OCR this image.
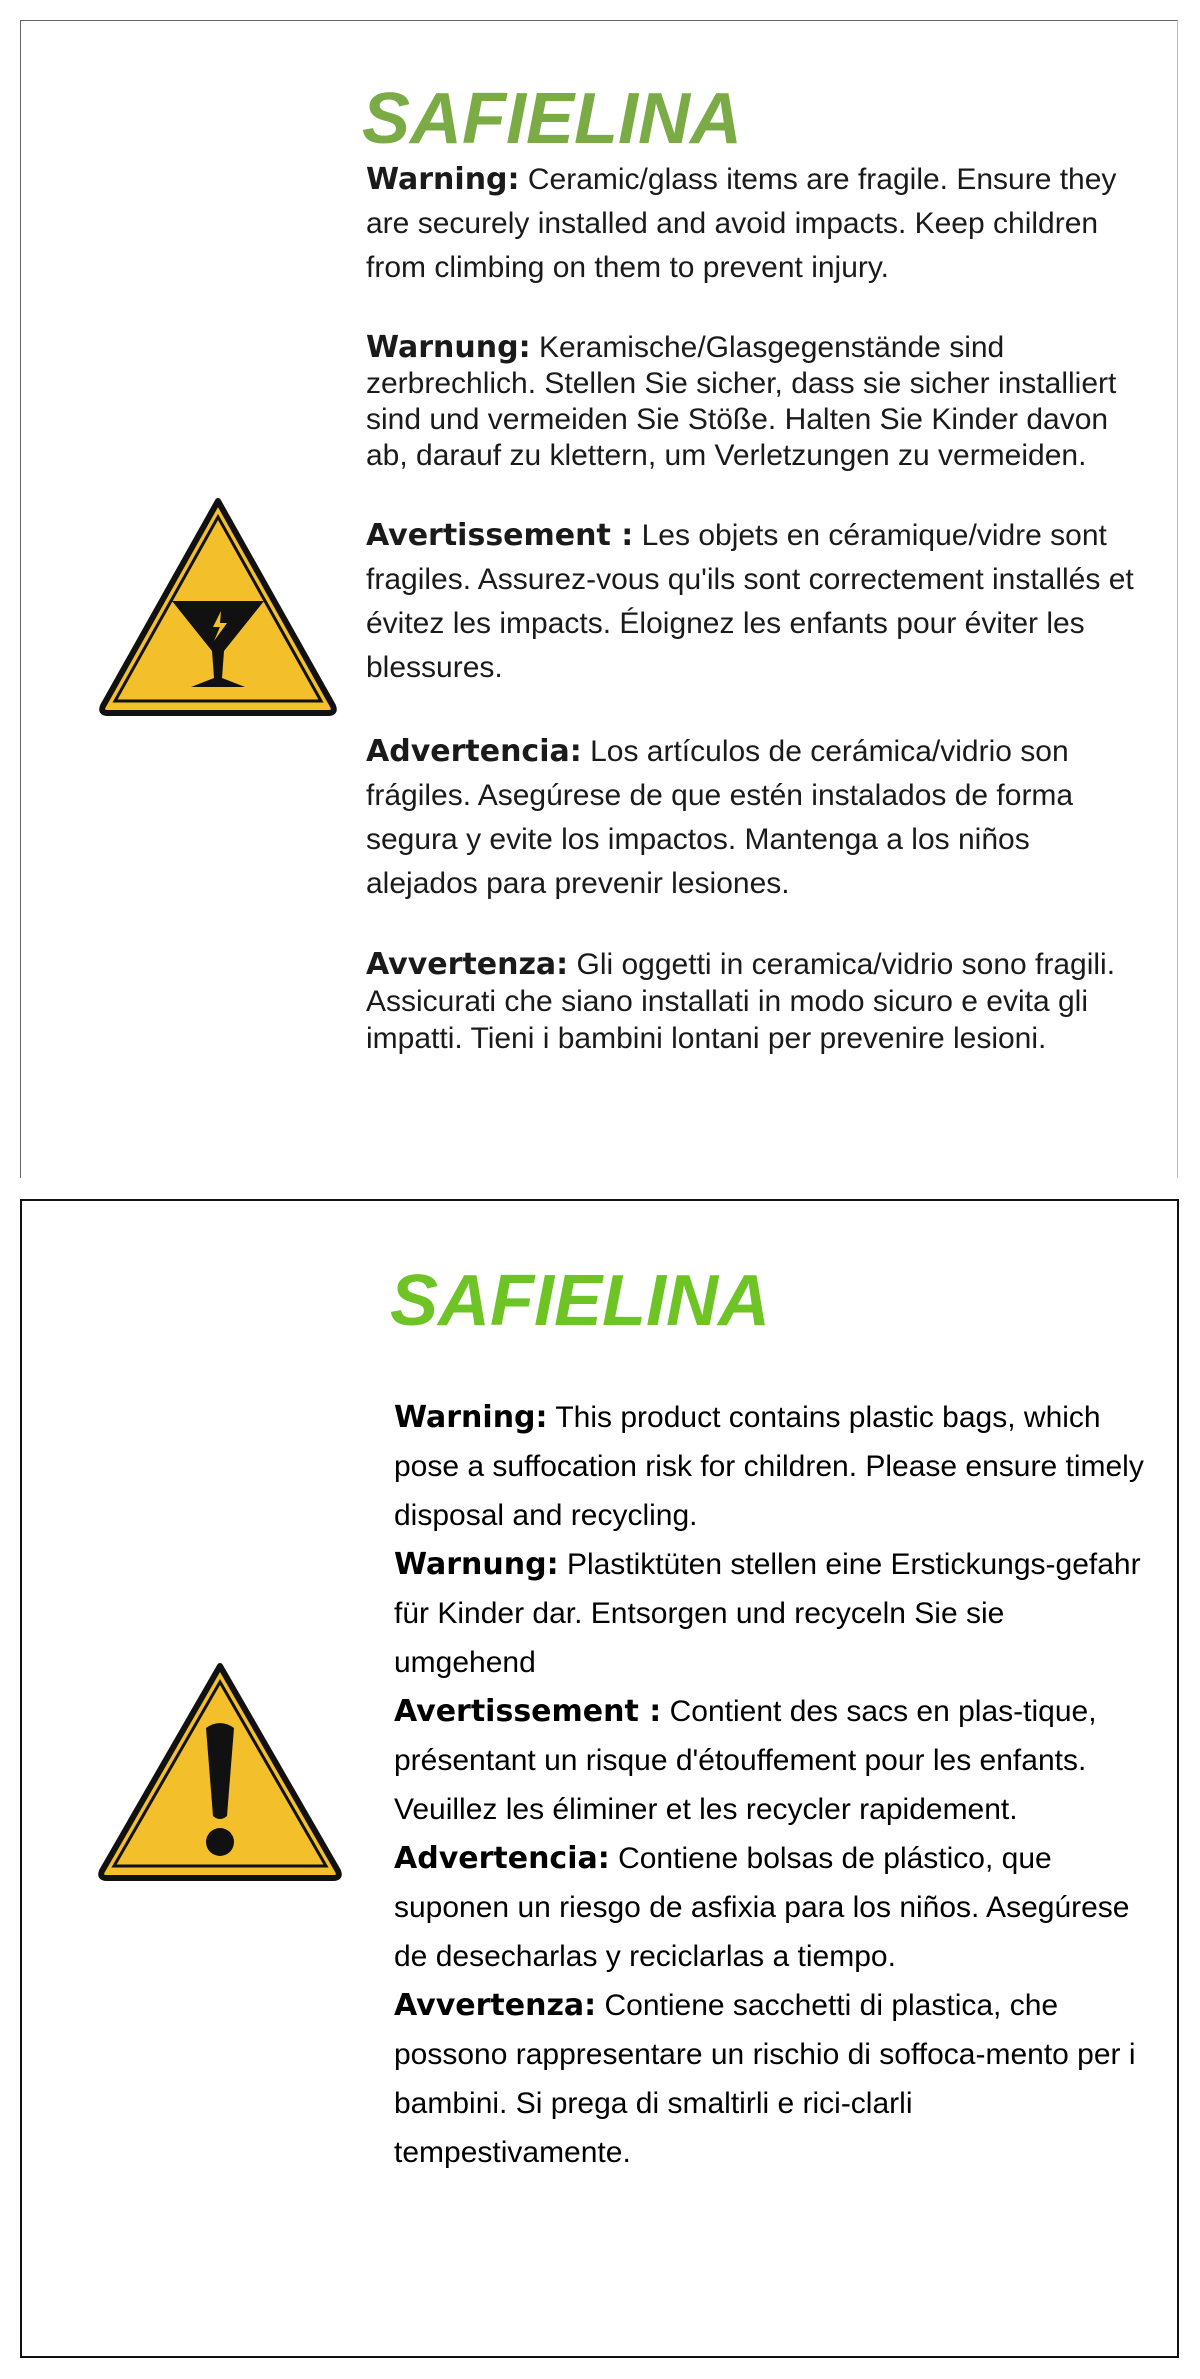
SAFIELINA

Warning: Ceramic/glass items are fragile. Ensure they are securely installed and avoid impacts. Keep children from climbing on them to prevent injury.

Warnung: Keramische/Glasgegenstände sind zerbrechlich. Stellen Sie sicher, dass sie sicher installiert sind und vermeiden Sie Stöße. Halten Sie Kinder davon ab, darauf zu klettern, um Verletzungen zu vermeiden.

Avertissement : Les objets en céramique/vidre sont fragiles. Assurez-vous qu'ils sont correctement installés et évitez les impacts. Éloignez les enfants pour éviter les blessures.

Advertencia: Los artículos de cerámica/vidrio son frágiles. Asegúrese de que estén instalados de forma segura y evite los impactos. Mantenga a los niños alejados para prevenir lesiones.

Avvertenza: Gli oggetti in ceramica/vidrio sono fragili. Assicurati che siano installati in modo sicuro e evita gli impatti. Tieni i bambini lontani per prevenire lesioni.

SAFIELINA

Warning: This product contains plastic bags, which pose a suffocation risk for children. Please ensure timely disposal and recycling.

Warnung: Plastiktüten stellen eine Erstickungs-gefahr für Kinder dar. Entsorgen und recyceln Sie sie umgehend

Avertissement : Contient des sacs en plas-tique, présentant un risque d'étouffement pour les enfants. Veuillez les éliminer et les recycler rapidement.

Advertencia: Contiene bolsas de plástico, que suponen un riesgo de asfixia para los niños. Asegúrese de desecharlas y reciclarlas a tiempo.

Avvertenza: Contiene sacchetti di plastica, che possono rappresentare un rischio di soffoca-mento per i bambini. Si prega di smaltirli e rici-clarli tempestivamente.
